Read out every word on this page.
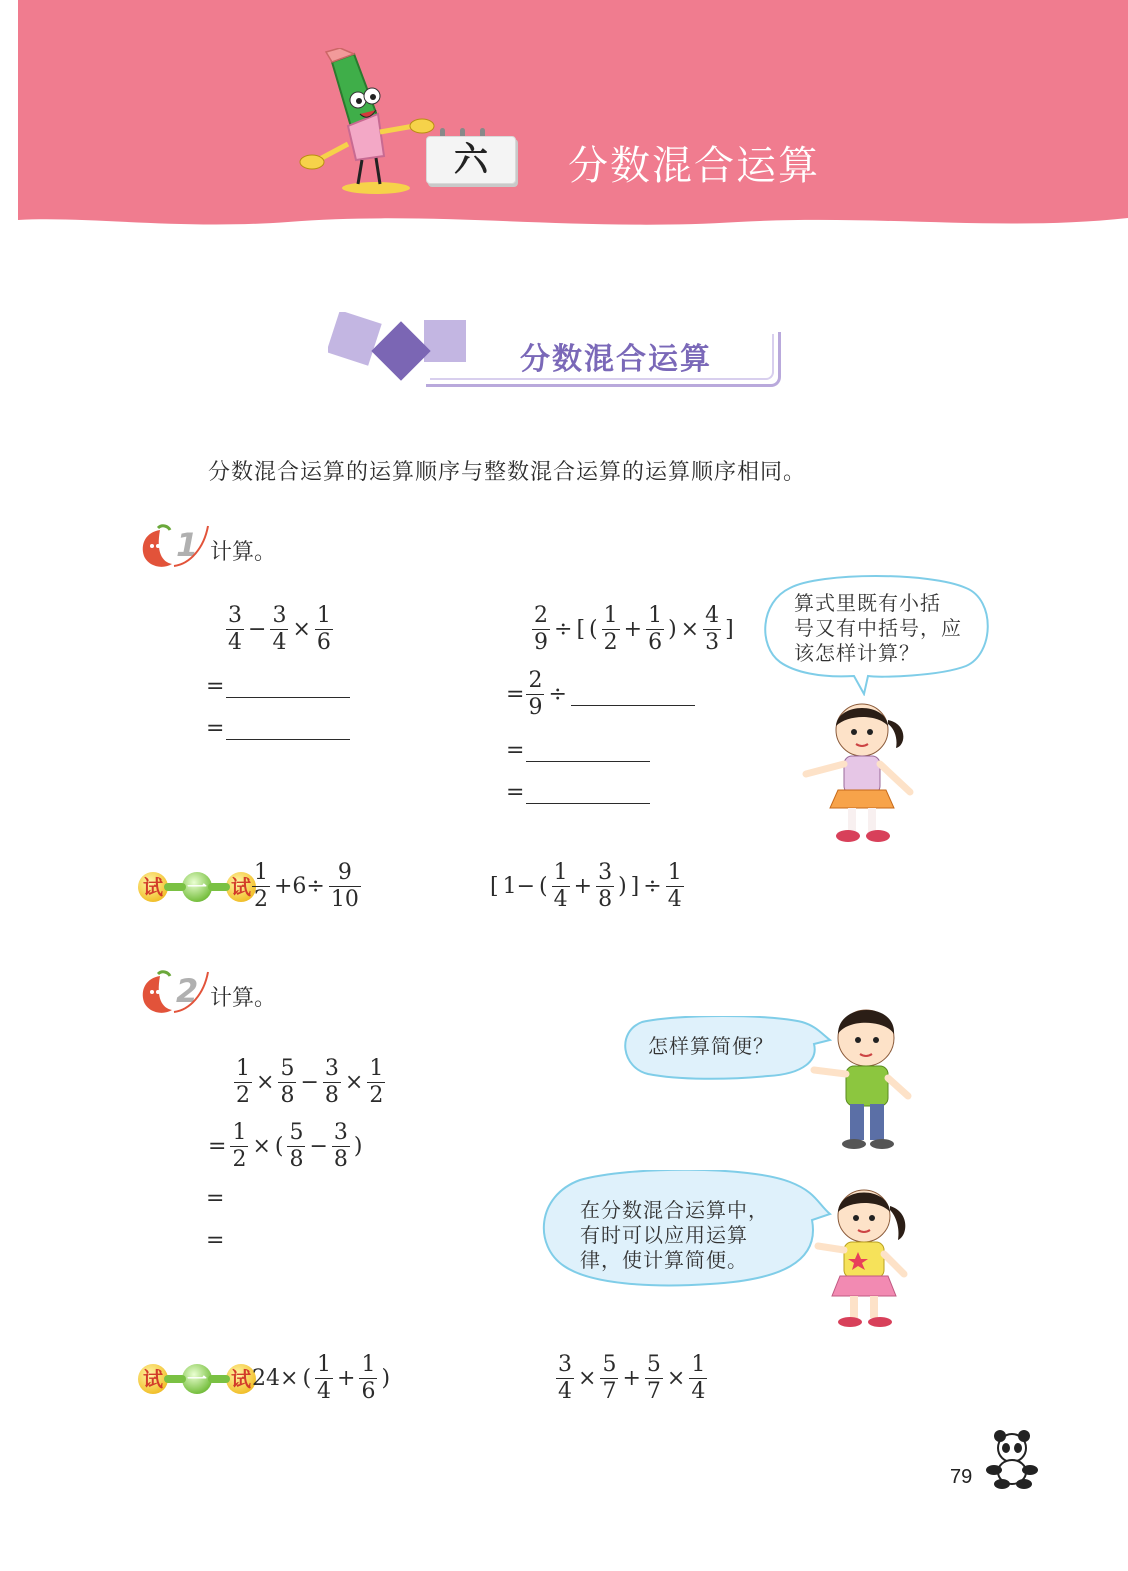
六	分数混合运算
分数混合运算
分数混合运算的运算顺序与整数混合运算的运算顺序相同。
1 计算。
$\frac{3}{4} - \frac{3}{4} \times \frac{1}{6}$
=
=
$\frac{2}{9}$ ÷ [ ( $\frac{1}{2} + \frac{1}{6}$ ) × $\frac{4}{3}$ ]
= $\frac{2}{9}$ ÷
=
=
算式里既有小括
号又有中括号，应
该怎样计算？
试 一 试 $\frac{1}{2} +6\div \frac{9}{10}$	[ 1− ( $\frac{1}{4} + \frac{3}{8}$ ) ] ÷ $\frac{1}{4}$
2 计算。
$\frac{1}{2} \times \frac{5}{8} - \frac{3}{8} \times \frac{1}{2}$
= $\frac{1}{2}$ × ( $\frac{5}{8} - \frac{3}{8}$ )
=
=
怎样算简便？
在分数混合运算中，
有时可以应用运算
律，使计算简便。
试 一 试 24× ( $\frac{1}{4} + \frac{1}{6}$ )	$\frac{3}{4} \times \frac{5}{7} + \frac{5}{7} \times \frac{1}{4}$
79
